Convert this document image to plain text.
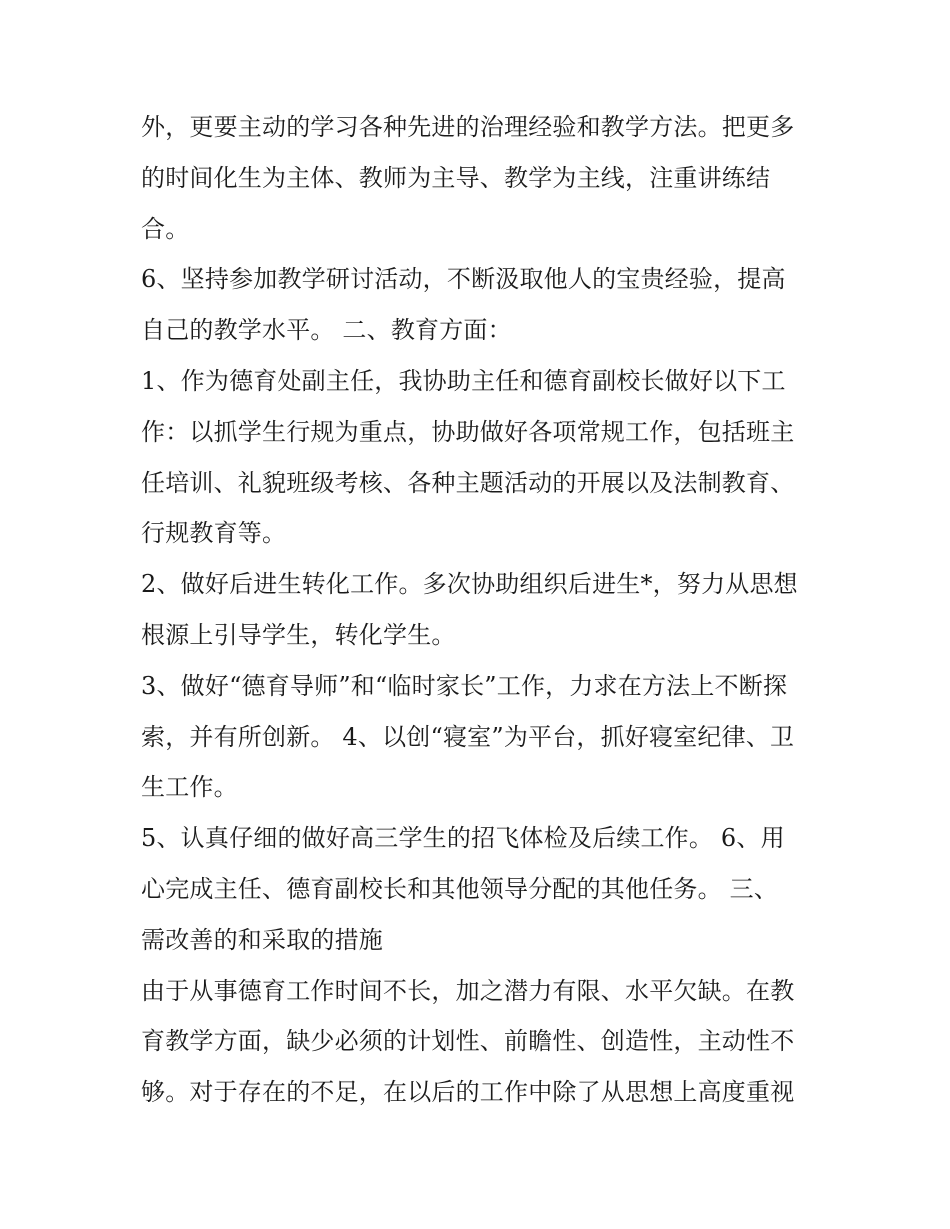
外，更要主动的学习各种先进的治理经验和教学方法。把更多
的时间化生为主体、教师为主导、教学为主线，注重讲练结
合。
6、坚持参加教学研讨活动，不断汲取他人的宝贵经验，提高
自己的教学水平。 二、教育方面：
1、作为德育处副主任，我协助主任和德育副校长做好以下工
作：以抓学生行规为重点，协助做好各项常规工作，包括班主
任培训、礼貌班级考核、各种主题活动的开展以及法制教育、
行规教育等。
2、做好后进生转化工作。多次协助组织后进生*，努力从思想
根源上引导学生，转化学生。
3、做好“德育导师”和“临时家长”工作，力求在方法上不断探
索，并有所创新。 4、以创“寝室”为平台，抓好寝室纪律、卫
生工作。
5、认真仔细的做好高三学生的招飞体检及后续工作。 6、用
心完成主任、德育副校长和其他领导分配的其他任务。 三、
需改善的和采取的措施
由于从事德育工作时间不长，加之潜力有限、水平欠缺。在教
育教学方面，缺少必须的计划性、前瞻性、创造性，主动性不
够。对于存在的不足，在以后的工作中除了从思想上高度重视
